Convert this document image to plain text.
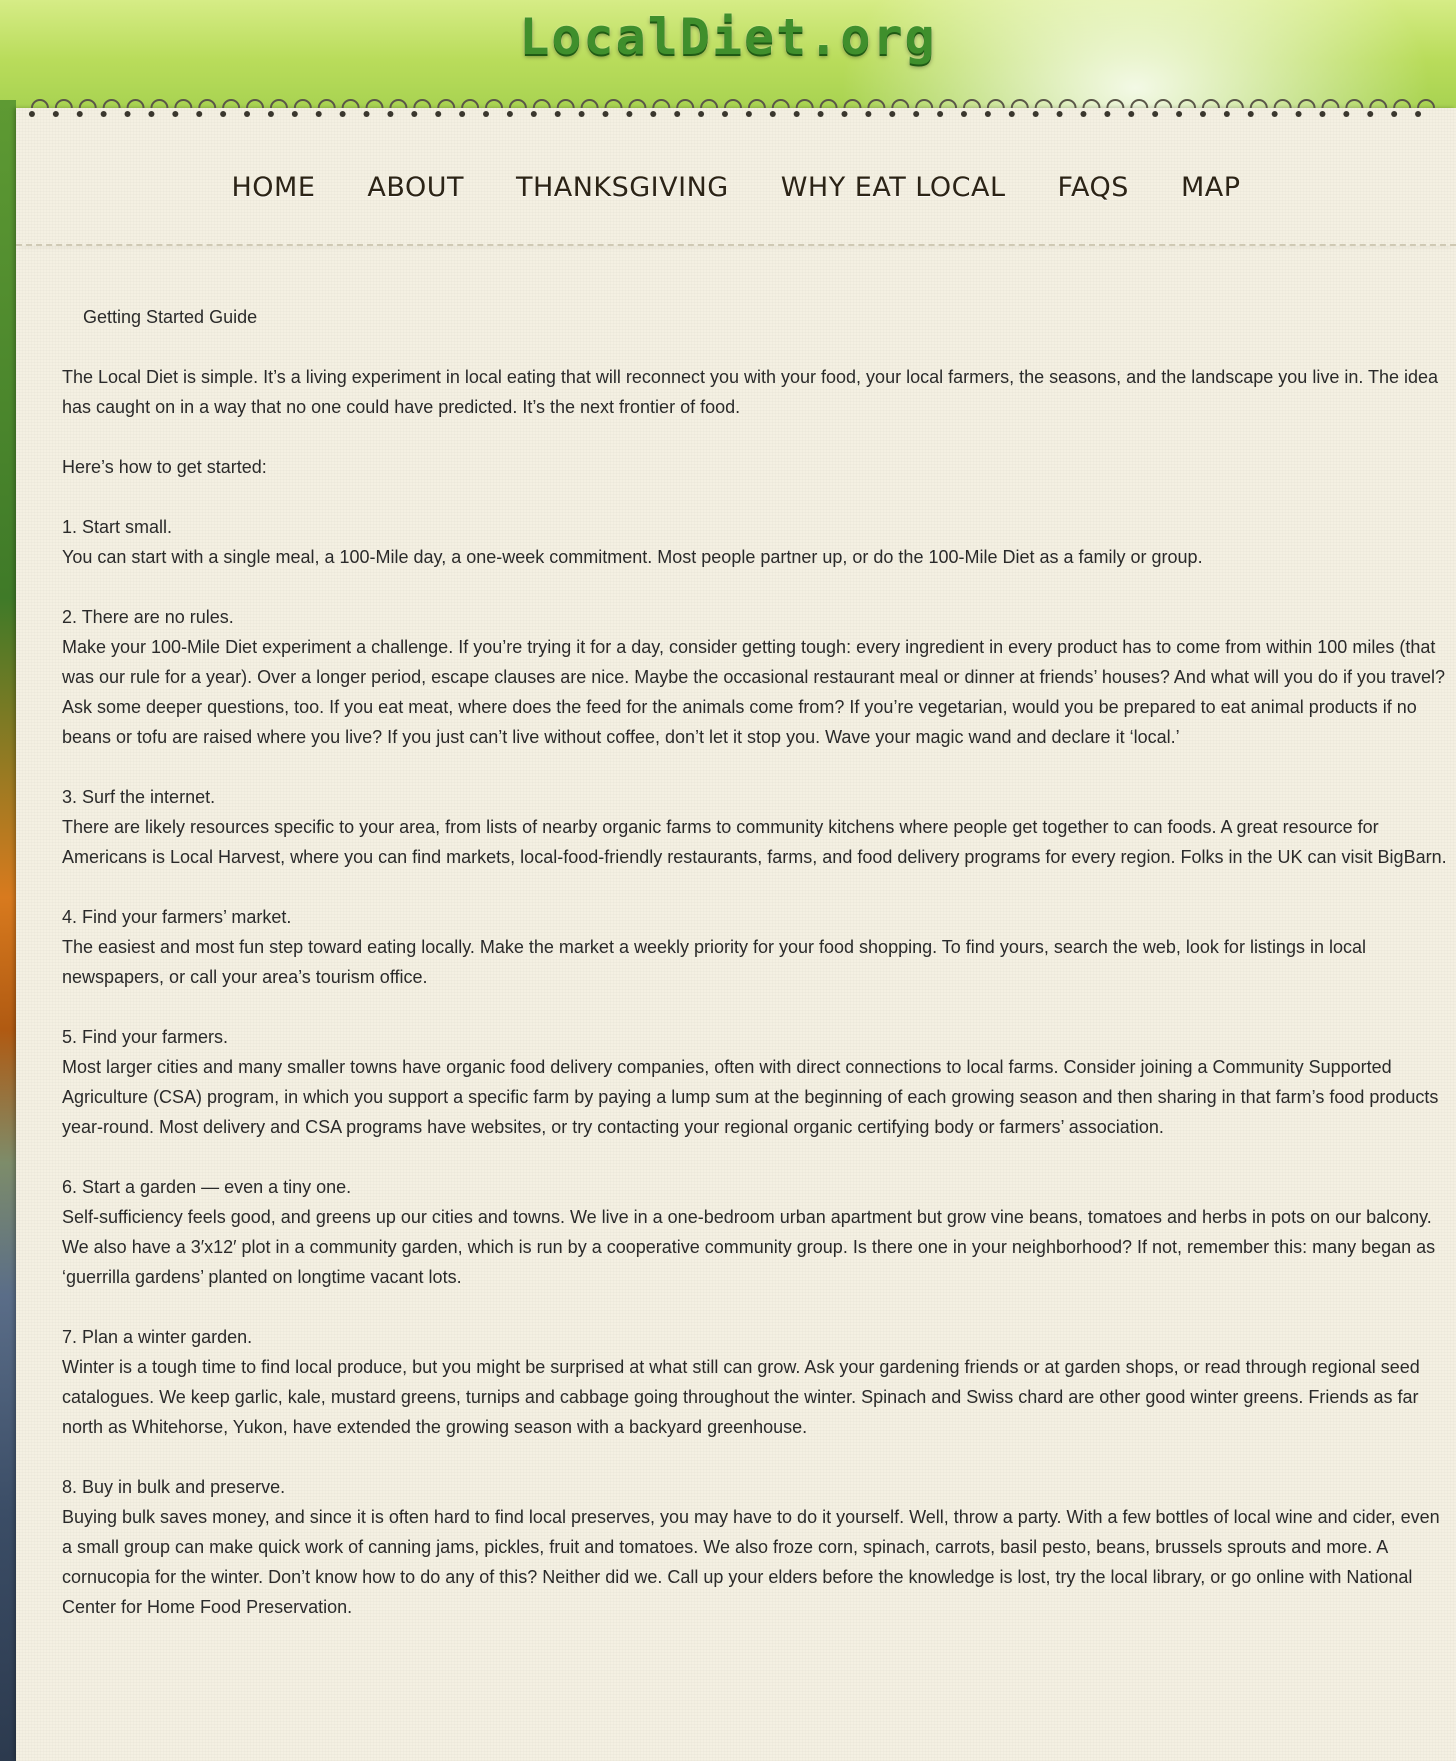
LocalDiet.org
HOME	ABOUT	THANKSGIVING	WHY EAT LOCAL	FAQS	MAP
Getting Started Guide

The Local Diet is simple. It’s a living experiment in local eating that will reconnect you with your food, your local farmers, the seasons, and the landscape you live in. The idea has caught on in a way that no one could have predicted. It’s the next frontier of food.

Here’s how to get started:

1. Start small.
You can start with a single meal, a 100-Mile day, a one-week commitment. Most people partner up, or do the 100-Mile Diet as a family or group.
2. There are no rules.
Make your 100-Mile Diet experiment a challenge. If you’re trying it for a day, consider getting tough: every ingredient in every product has to come from within 100 miles (that was our rule for a year). Over a longer period, escape clauses are nice. Maybe the occasional restaurant meal or dinner at friends’ houses? And what will you do if you travel? Ask some deeper questions, too. If you eat meat, where does the feed for the animals come from? If you’re vegetarian, would you be prepared to eat animal products if no beans or tofu are raised where you live? If you just can’t live without coffee, don’t let it stop you. Wave your magic wand and declare it ‘local.’
3. Surf the internet.
There are likely resources specific to your area, from lists of nearby organic farms to community kitchens where people get together to can foods. A great resource for Americans is Local Harvest, where you can find markets, local-food-friendly restaurants, farms, and food delivery programs for every region. Folks in the UK can visit BigBarn.
4. Find your farmers’ market.
The easiest and most fun step toward eating locally. Make the market a weekly priority for your food shopping. To find yours, search the web, look for listings in local newspapers, or call your area’s tourism office.
5. Find your farmers.
Most larger cities and many smaller towns have organic food delivery companies, often with direct connections to local farms. Consider joining a Community Supported Agriculture (CSA) program, in which you support a specific farm by paying a lump sum at the beginning of each growing season and then sharing in that farm’s food products year-round. Most delivery and CSA programs have websites, or try contacting your regional organic certifying body or farmers’ association.
6. Start a garden — even a tiny one.
Self-sufficiency feels good, and greens up our cities and towns. We live in a one-bedroom urban apartment but grow vine beans, tomatoes and herbs in pots on our balcony. We also have a 3′x12′ plot in a community garden, which is run by a cooperative community group. Is there one in your neighborhood? If not, remember this: many began as ‘guerrilla gardens’ planted on longtime vacant lots.
7. Plan a winter garden.
Winter is a tough time to find local produce, but you might be surprised at what still can grow. Ask your gardening friends or at garden shops, or read through regional seed catalogues. We keep garlic, kale, mustard greens, turnips and cabbage going throughout the winter. Spinach and Swiss chard are other good winter greens. Friends as far north as Whitehorse, Yukon, have extended the growing season with a backyard greenhouse.
8. Buy in bulk and preserve.
Buying bulk saves money, and since it is often hard to find local preserves, you may have to do it yourself. Well, throw a party. With a few bottles of local wine and cider, even a small group can make quick work of canning jams, pickles, fruit and tomatoes. We also froze corn, spinach, carrots, basil pesto, beans, brussels sprouts and more. A cornucopia for the winter. Don’t know how to do any of this? Neither did we. Call up your elders before the knowledge is lost, try the local library, or go online with National Center for Home Food Preservation.
